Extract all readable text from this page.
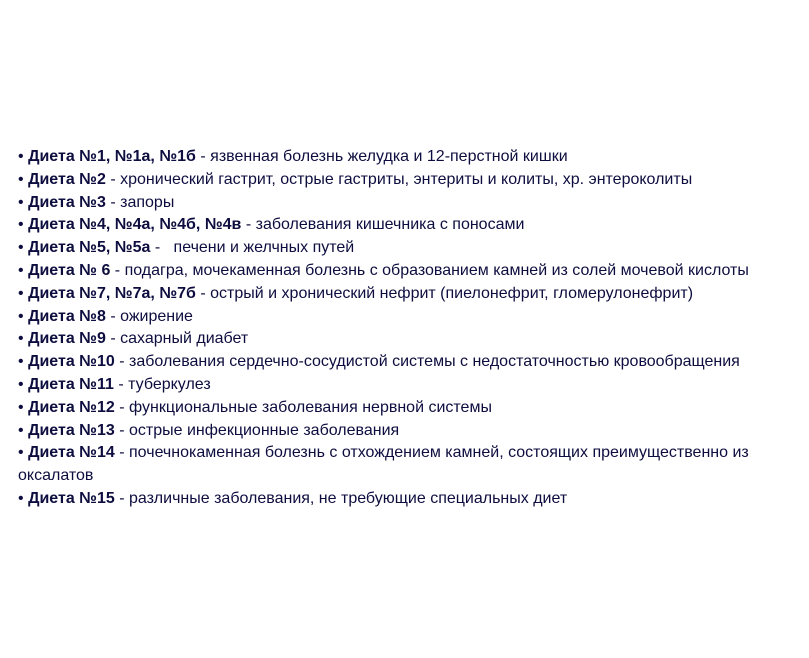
• Диета №1, №1а, №1б - язвенная болезнь желудка и 12-перстной кишки
• Диета №2 - хронический гастрит, острые гастриты, энтериты и колиты, хр. энтероколиты
• Диета №3 - запоры
• Диета №4, №4а, №4б, №4в - заболевания кишечника с поносами
• Диета №5, №5а -   печени и желчных путей
• Диета № 6 - подагра, мочекаменная болезнь с образованием камней из солей мочевой кислоты
• Диета №7, №7а, №7б - острый и хронический нефрит (пиелонефрит, гломерулонефрит)
• Диета №8 - ожирение
• Диета №9 - сахарный диабет
• Диета №10 - заболевания сердечно-сосудистой системы с недостаточностью кровообращения
• Диета №11 - туберкулез
• Диета №12 - функциональные заболевания нервной системы
• Диета №13 - острые инфекционные заболевания
• Диета №14 - почечнокаменная болезнь с отхождением камней, состоящих преимущественно из оксалатов
• Диета №15 - различные заболевания, не требующие специальных диет
